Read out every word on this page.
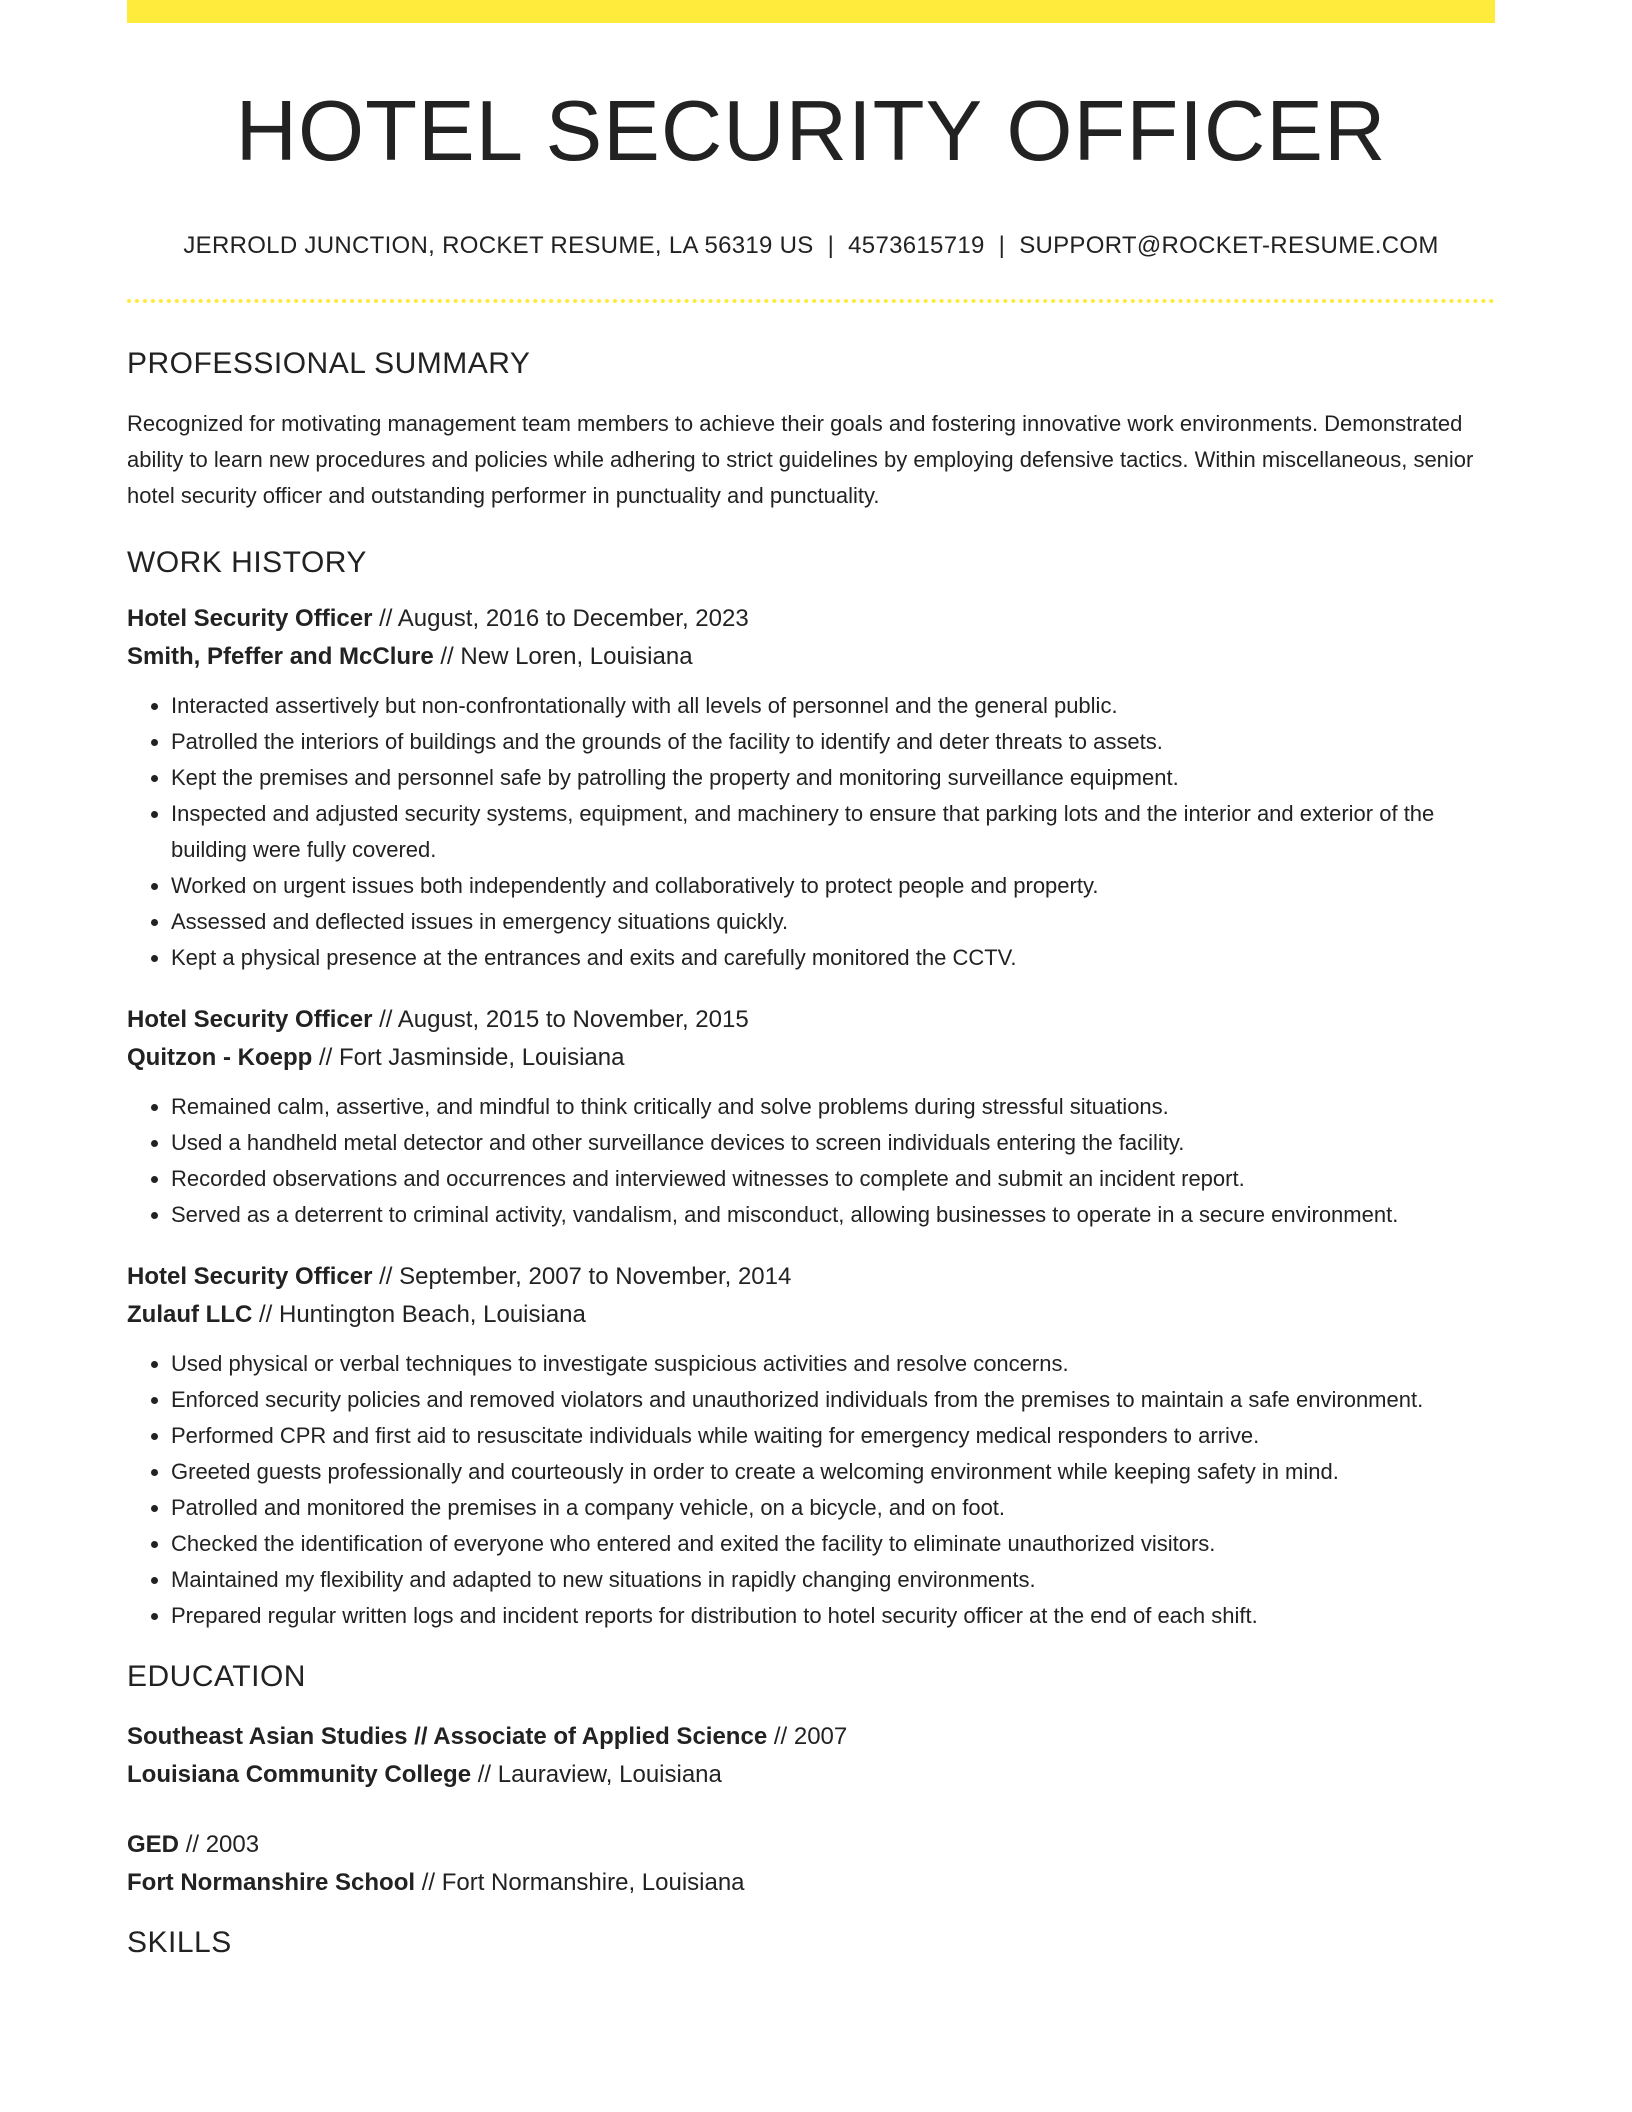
HOTEL SECURITY OFFICER
JERROLD JUNCTION, ROCKET RESUME, LA 56319 US | 4573615719 | SUPPORT@ROCKET-RESUME.COM
PROFESSIONAL SUMMARY

Recognized for motivating management team members to achieve their goals and fostering innovative work environments. Demonstrated ability to learn new procedures and policies while adhering to strict guidelines by employing defensive tactics. Within miscellaneous, senior hotel security officer and outstanding performer in punctuality and punctuality.

WORK HISTORY
Hotel Security Officer // August, 2016 to December, 2023
Smith, Pfeffer and McClure // New Loren, Louisiana
• Interacted assertively but non-confrontationally with all levels of personnel and the general public.
• Patrolled the interiors of buildings and the grounds of the facility to identify and deter threats to assets.
• Kept the premises and personnel safe by patrolling the property and monitoring surveillance equipment.
• Inspected and adjusted security systems, equipment, and machinery to ensure that parking lots and the interior and exterior of the building were fully covered.
• Worked on urgent issues both independently and collaboratively to protect people and property.
• Assessed and deflected issues in emergency situations quickly.
• Kept a physical presence at the entrances and exits and carefully monitored the CCTV.
Hotel Security Officer // August, 2015 to November, 2015
Quitzon - Koepp // Fort Jasminside, Louisiana
• Remained calm, assertive, and mindful to think critically and solve problems during stressful situations.
• Used a handheld metal detector and other surveillance devices to screen individuals entering the facility.
• Recorded observations and occurrences and interviewed witnesses to complete and submit an incident report.
• Served as a deterrent to criminal activity, vandalism, and misconduct, allowing businesses to operate in a secure environment.
Hotel Security Officer // September, 2007 to November, 2014
Zulauf LLC // Huntington Beach, Louisiana
• Used physical or verbal techniques to investigate suspicious activities and resolve concerns.
• Enforced security policies and removed violators and unauthorized individuals from the premises to maintain a safe environment.
• Performed CPR and first aid to resuscitate individuals while waiting for emergency medical responders to arrive.
• Greeted guests professionally and courteously in order to create a welcoming environment while keeping safety in mind.
• Patrolled and monitored the premises in a company vehicle, on a bicycle, and on foot.
• Checked the identification of everyone who entered and exited the facility to eliminate unauthorized visitors.
• Maintained my flexibility and adapted to new situations in rapidly changing environments.
• Prepared regular written logs and incident reports for distribution to hotel security officer at the end of each shift.
EDUCATION
Southeast Asian Studies // Associate of Applied Science // 2007
Louisiana Community College // Lauraview, Louisiana
GED // 2003
Fort Normanshire School // Fort Normanshire, Louisiana
SKILLS
